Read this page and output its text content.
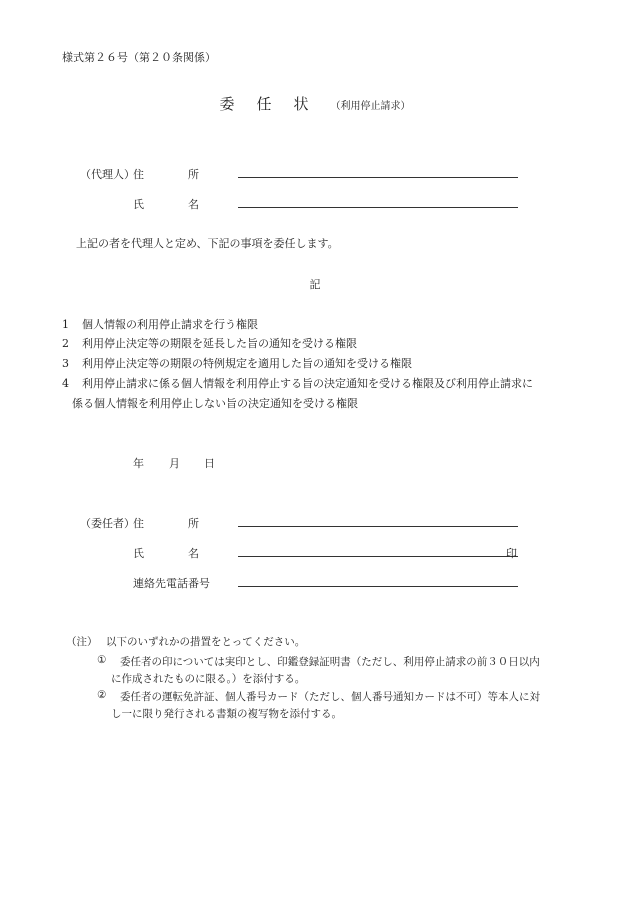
様式第２６号（第２０条関係）
委任状（利用停止請求）
（代理人）
住　　　　所
氏　　　　名
上記の者を代理人と定め、下記の事項を委任します。
記
1 個人情報の利用停止請求を行う権限
2 利用停止決定等の期限を延長した旨の通知を受ける権限
3 利用停止決定等の期限の特例規定を適用した旨の通知を受ける権限
4 利用停止請求に係る個人情報を利用停止する旨の決定通知を受ける権限及び利用停止請求に
係る個人情報を利用停止しない旨の決定通知を受ける権限
年 月 日
（委任者）
住　　　　所
氏　　　　名	印
連絡先電話番号
（注） 以下のいずれかの措置をとってください。
① 委任者の印については実印とし、印鑑登録証明書（ただし、利用停止請求の前３０日以内
に作成されたものに限る。）を添付する。
② 委任者の運転免許証、個人番号カード（ただし、個人番号通知カードは不可）等本人に対
し一に限り発行される書類の複写物を添付する。
